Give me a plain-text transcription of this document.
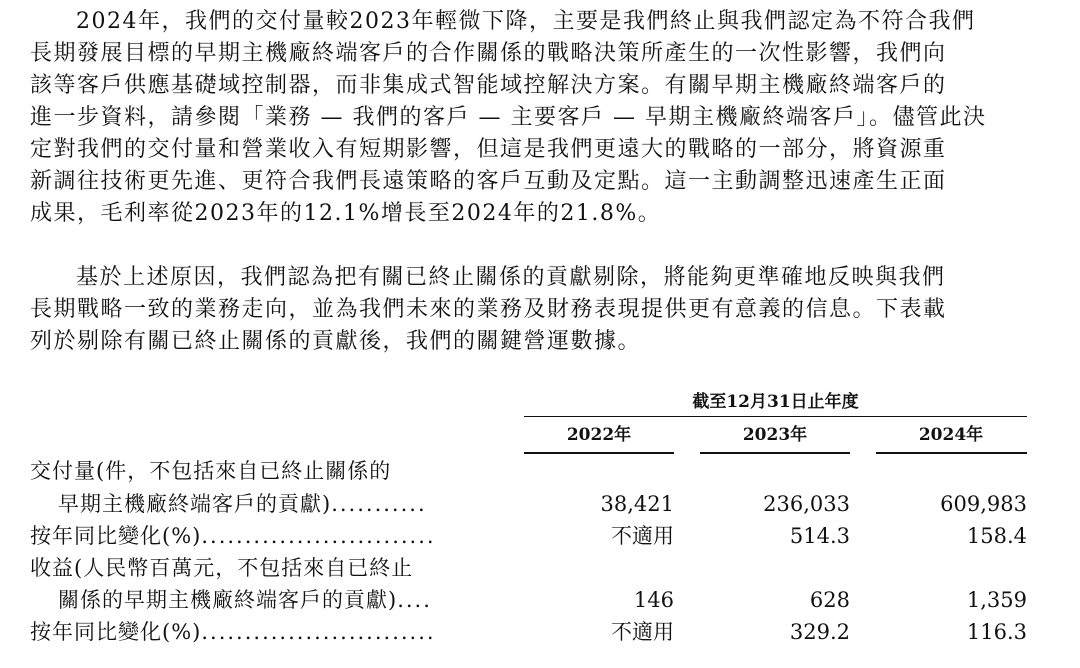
2024年，我們的交付量較2023年輕微下降，主要是我們終止與我們認定為不符合我們
長期發展目標的早期主機廠終端客戶的合作關係的戰略決策所產生的一次性影響，我們向
該等客戶供應基礎域控制器，而非集成式智能域控解決方案。有關早期主機廠終端客戶的
進一步資料，請參閱「業務 — 我們的客戶 — 主要客戶 — 早期主機廠終端客戶」。儘管此決
定對我們的交付量和營業收入有短期影響，但這是我們更遠大的戰略的一部分，將資源重
新調往技術更先進、更符合我們長遠策略的客戶互動及定點。這一主動調整迅速產生正面
成果，毛利率從2023年的12.1%增長至2024年的21.8%。
基於上述原因，我們認為把有關已終止關係的貢獻剔除，將能夠更準確地反映與我們
長期戰略一致的業務走向，並為我們未來的業務及財務表現提供更有意義的信息。下表載
列於剔除有關已終止關係的貢獻後，我們的關鍵營運數據。
截至12月31日止年度
2022年	2023年	2024年
交付量(件，不包括來自已終止關係的
早期主機廠終端客戶的貢獻)...........	38,421	236,033	609,983
按年同比變化(%)...........................	不適用	514.3	158.4
收益(人民幣百萬元，不包括來自已終止
關係的早期主機廠終端客戶的貢獻)....	146	628	1,359
按年同比變化(%)...........................	不適用	329.2	116.3
